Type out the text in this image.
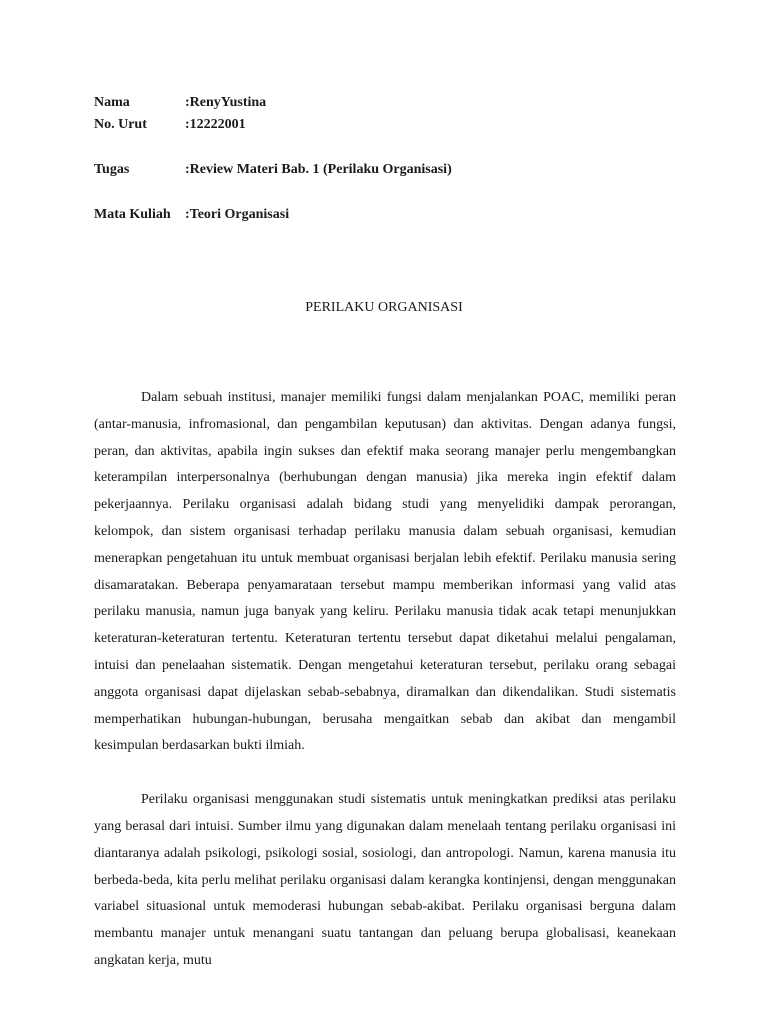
Nama	:RenyYustina
No. Urut	:12222001
Tugas	:Review Materi Bab. 1 (Perilaku Organisasi)
Mata Kuliah	:Teori Organisasi
PERILAKU ORGANISASI

Dalam sebuah institusi, manajer memiliki fungsi dalam menjalankan POAC, memiliki peran (antar-manusia, infromasional, dan pengambilan keputusan) dan aktivitas. Dengan adanya fungsi, peran, dan aktivitas, apabila ingin sukses dan efektif maka seorang manajer perlu mengembangkan keterampilan interpersonalnya (berhubungan dengan manusia) jika mereka ingin efektif dalam pekerjaannya. Perilaku organisasi adalah bidang studi yang menyelidiki dampak perorangan, kelompok, dan sistem organisasi terhadap perilaku manusia dalam sebuah organisasi, kemudian menerapkan pengetahuan itu untuk membuat organisasi berjalan lebih efektif. Perilaku manusia sering disamaratakan. Beberapa penyamarataan tersebut mampu memberikan informasi yang valid atas perilaku manusia, namun juga banyak yang keliru. Perilaku manusia tidak acak tetapi menunjukkan keteraturan-keteraturan tertentu. Keteraturan tertentu tersebut dapat diketahui melalui pengalaman, intuisi dan penelaahan sistematik. Dengan mengetahui keteraturan tersebut, perilaku orang sebagai anggota organisasi dapat dijelaskan sebab-sebabnya, diramalkan dan dikendalikan. Studi sistematis memperhatikan hubungan-hubungan, berusaha mengaitkan sebab dan akibat dan mengambil kesimpulan berdasarkan bukti ilmiah.

Perilaku organisasi menggunakan studi sistematis untuk meningkatkan prediksi atas perilaku yang berasal dari intuisi. Sumber ilmu yang digunakan dalam menelaah tentang perilaku organisasi ini diantaranya adalah psikologi, psikologi sosial, sosiologi, dan antropologi. Namun, karena manusia itu berbeda-beda, kita perlu melihat perilaku organisasi dalam kerangka kontinjensi, dengan menggunakan variabel situasional untuk memoderasi hubungan sebab-akibat. Perilaku organisasi berguna dalam membantu manajer untuk menangani suatu tantangan dan peluang berupa globalisasi, keanekaan angkatan kerja, mutu
